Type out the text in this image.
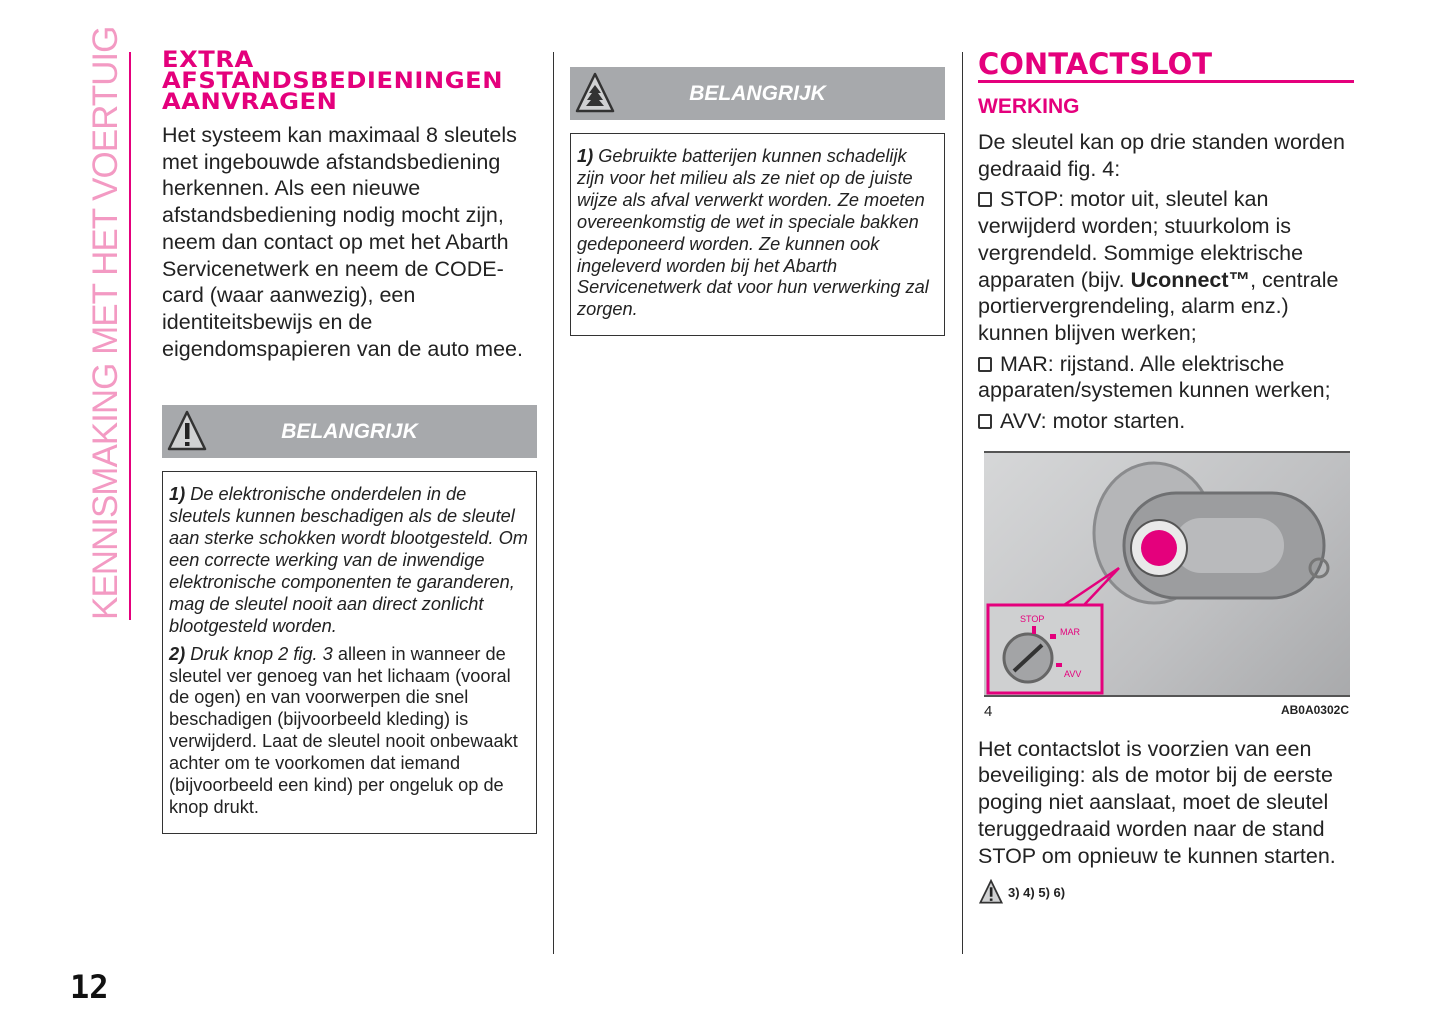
KENNISMAKING MET HET VOERTUIG
12
EXTRA
AFSTANDSBEDIENINGEN
AANVRAGEN
Het systeem kan maximaal 8 sleutels
met ingebouwde afstandsbediening
herkennen. Als een nieuwe
afstandsbediening nodig mocht zijn,
neem dan contact op met het Abarth
Servicenetwerk en neem de CODE-
card (waar aanwezig), een
identiteitsbewijs en de
eigendomspapieren van de auto mee.
BELANGRIJK

1) De elektronische onderdelen in de sleutels kunnen beschadigen als de sleutel aan sterke schokken wordt blootgesteld. Om een correcte werking van de inwendige elektronische componenten te garanderen, mag de sleutel nooit aan direct zonlicht blootgesteld worden.

2) Druk knop 2 fig. 3 alleen in wanneer de sleutel ver genoeg van het lichaam (vooral de ogen) en van voorwerpen die snel beschadigen (bijvoorbeeld kleding) is verwijderd. Laat de sleutel nooit onbewaakt achter om te voorkomen dat iemand (bijvoorbeeld een kind) per ongeluk op de knop drukt.

BELANGRIJK

1) Gebruikte batterijen kunnen schadelijk zijn voor het milieu als ze niet op de juiste wijze als afval verwerkt worden. Ze moeten overeenkomstig de wet in speciale bakken gedeponeerd worden. Ze kunnen ook ingeleverd worden bij het Abarth Servicenetwerk dat voor hun verwerking zal zorgen.

CONTACTSLOT
WERKING
De sleutel kan op drie standen worden gedraaid fig. 4:
STOP: motor uit, sleutel kan verwijderd worden; stuurkolom is vergrendeld. Sommige elektrische apparaten (bijv. Uconnect™, centrale portiervergrendeling, alarm enz.) kunnen blijven werken;
MAR: rijstand. Alle elektrische apparaten/systemen kunnen werken;
AVV: motor starten.
STOP
MAR
AVV
4	AB0A0302C
Het contactslot is voorzien van een beveiliging: als de motor bij de eerste poging niet aanslaat, moet de sleutel teruggedraaid worden naar de stand STOP om opnieuw te kunnen starten.
3) 4) 5) 6)
